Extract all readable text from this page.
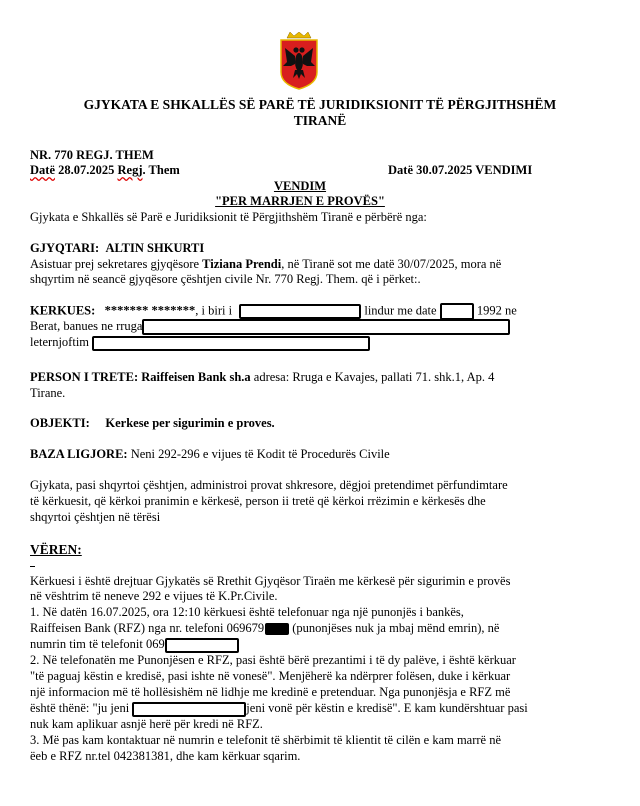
GJYKATA E SHKALLËS SË PARË TË JURIDIKSIONIT TË PËRGJITHSHËM
TIRANË
NR. 770 REGJ. THEM
Datë 28.07.2025 Regj. Them	Datë 30.07.2025 VENDIMI
VENDIM
"PER MARRJEN E PROVËS"
Gjykata e Shkallës së Parë e Juridiksionit të Përgjithshëm Tiranë e përbërë nga:
GJYQTARI: ALTIN SHKURTI
Asistuar prej sekretares gjyqësore Tiziana Prendi, në Tiranë sot me datë 30/07/2025, mora në
shqyrtim në seancë gjyqësore çështjen civile Nr. 770 Regj. Them. që i përket:.
KERKUES: ******* *******, i biri i	lindur me date	1992 ne
Berat, banues ne rruga
leternjoftim
PERSON I TRETE: Raiffeisen Bank sh.a adresa: Rruga e Kavajes, pallati 71. shk.1, Ap. 4
Tirane.
OBJEKTI: Kerkese per sigurimin e proves.
BAZA LIGJORE: Neni 292-296 e vijues të Kodit të Procedurës Civile
Gjykata, pasi shqyrtoi çështjen, administroi provat shkresore, dëgjoi pretendimet përfundimtare
të kërkuesit, që kërkoi pranimin e kërkesë, person ii tretë që kërkoi rrëzimin e kërkesës dhe
shqyrtoi çështjen në tërësi
VËREN:
Kërkuesi i është drejtuar Gjykatës së Rrethit Gjyqësor Tiraën me kërkesë për sigurimin e provës
në vështrim të neneve 292 e vijues të K.Pr.Civile.
1. Në datën 16.07.2025, ora 12:10 kërkuesi është telefonuar nga një punonjës i bankës,
Raiffeisen Bank (RFZ) nga nr. telefoni 069679 (punonjëses nuk ja mbaj mënd emrin), në
numrin tim të telefonit 069
2. Në telefonatën me Punonjësen e RFZ, pasi është bërë prezantimi i të dy palëve, i është kërkuar
"të paguaj këstin e kredisë, pasi ishte në vonesë". Menjëherë ka ndërprer folësen, duke i kërkuar
një informacion më të hollësishëm në lidhje me kredinë e pretenduar. Nga punonjësja e RFZ më
është thënë: "ju jeni	jeni vonë për këstin e kredisë". E kam kundërshtuar pasi
nuk kam aplikuar asnjë herë për kredi në RFZ.
3. Më pas kam kontaktuar në numrin e telefonit të shërbimit të klientit të cilën e kam marrë në
ëeb e RFZ nr.tel 042381381, dhe kam kërkuar sqarim.
